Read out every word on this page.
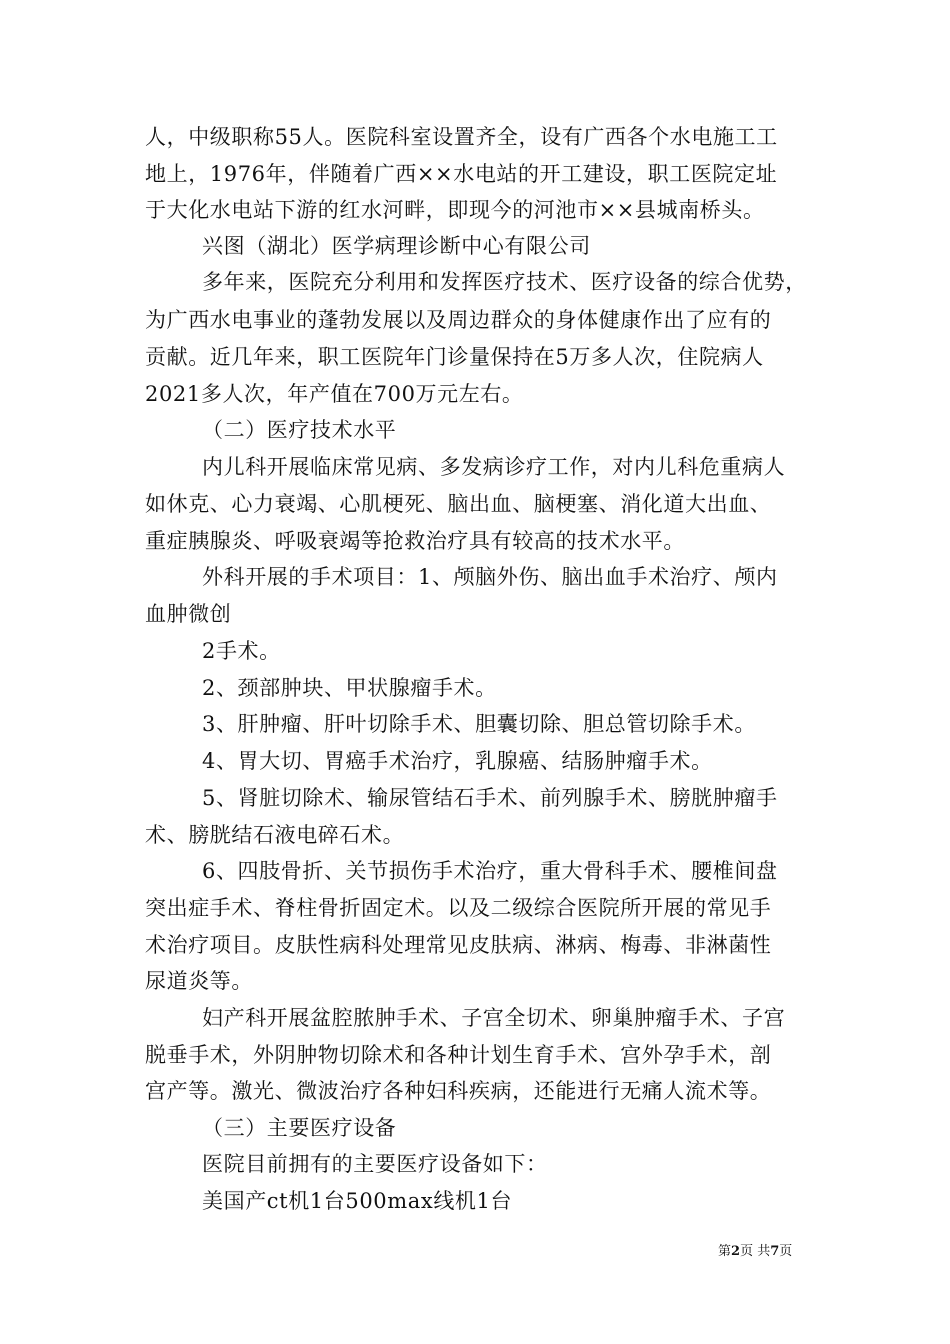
人，中级职称55人。医院科室设置齐全，设有广西各个水电施工工
地上，1976年，伴随着广西××水电站的开工建设，职工医院定址
于大化水电站下游的红水河畔，即现今的河池市××县城南桥头。
兴图（湖北）医学病理诊断中心有限公司
多年来，医院充分利用和发挥医疗技术、医疗设备的综合优势，
为广西水电事业的蓬勃发展以及周边群众的身体健康作出了应有的
贡献。近几年来，职工医院年门诊量保持在5万多人次，住院病人
2021多人次，年产值在700万元左右。
（二）医疗技术水平
内儿科开展临床常见病、多发病诊疗工作，对内儿科危重病人
如休克、心力衰竭、心肌梗死、脑出血、脑梗塞、消化道大出血、
重症胰腺炎、呼吸衰竭等抢救治疗具有较高的技术水平。
外科开展的手术项目：1、颅脑外伤、脑出血手术治疗、颅内
血肿微创
2手术。
2、颈部肿块、甲状腺瘤手术。
3、肝肿瘤、肝叶切除手术、胆囊切除、胆总管切除手术。
4、胃大切、胃癌手术治疗，乳腺癌、结肠肿瘤手术。
5、肾脏切除术、输尿管结石手术、前列腺手术、膀胱肿瘤手
术、膀胱结石液电碎石术。
6、四肢骨折、关节损伤手术治疗，重大骨科手术、腰椎间盘
突出症手术、脊柱骨折固定术。以及二级综合医院所开展的常见手
术治疗项目。皮肤性病科处理常见皮肤病、淋病、梅毒、非淋菌性
尿道炎等。
妇产科开展盆腔脓肿手术、子宫全切术、卵巢肿瘤手术、子宫
脱垂手术，外阴肿物切除术和各种计划生育手术、宫外孕手术，剖
宫产等。激光、微波治疗各种妇科疾病，还能进行无痛人流术等。
（三）主要医疗设备
医院目前拥有的主要医疗设备如下：
美国产ct机1台500max线机1台
第2页 共7页
